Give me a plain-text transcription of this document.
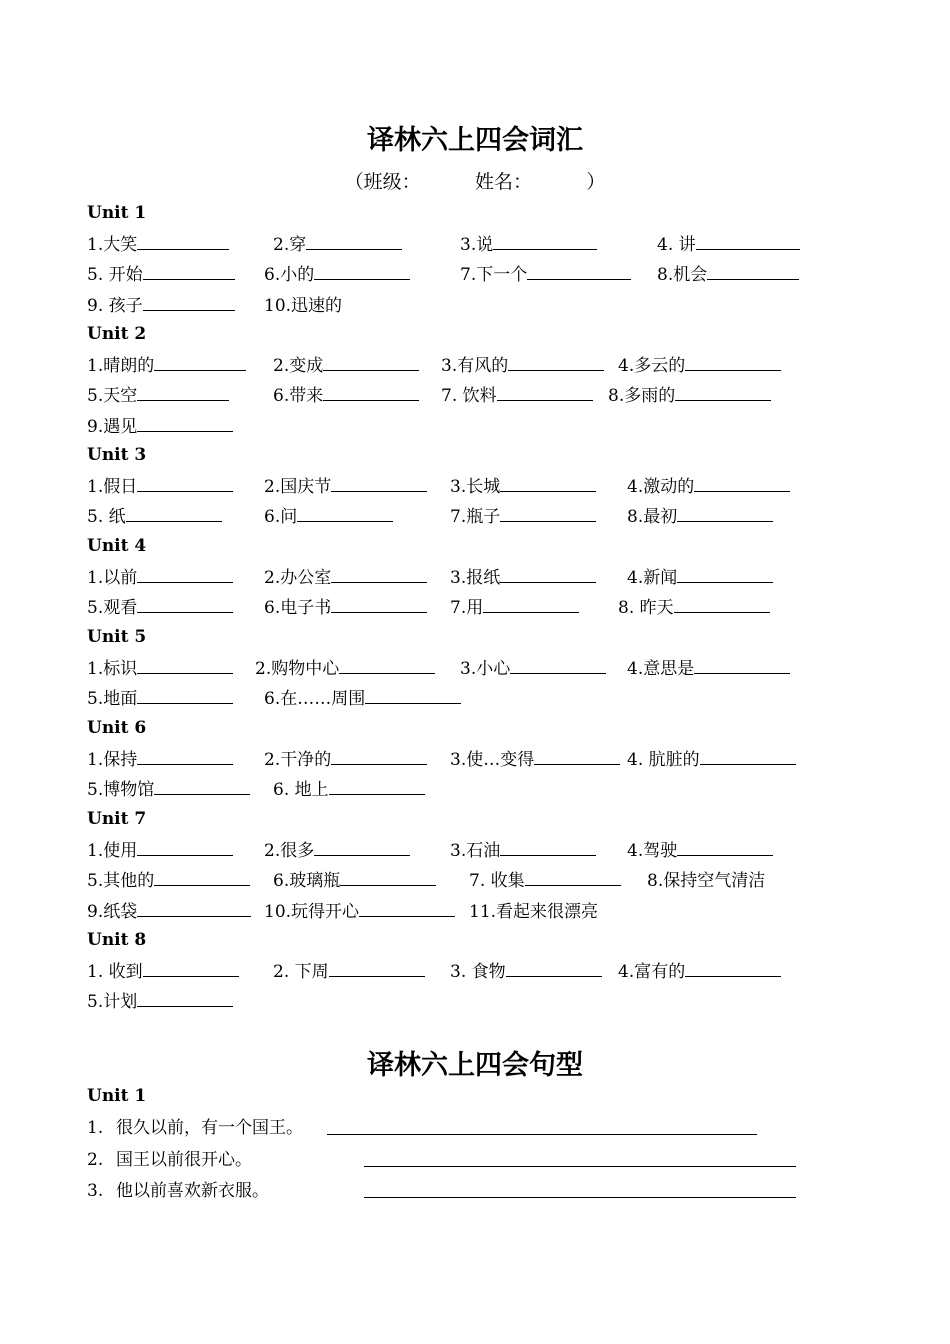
译林六上四会词汇
（班级：         姓名：         ）
Unit 1
1.大笑	2.穿	3.说	4. 讲
5. 开始	6.小的	7.下一个	8.机会
9. 孩子	10.迅速的
Unit 2
1.晴朗的	2.变成	3.有风的	4.多云的
5.天空	6.带来	7. 饮料	8.多雨的
9.遇见
Unit 3
1.假日	2.国庆节	3.长城	4.激动的
5. 纸	6.问	7.瓶子	8.最初
Unit 4
1.以前	2.办公室	3.报纸	4.新闻
5.观看	6.电子书	7.用	8. 昨天
Unit 5
1.标识	2.购物中心	3.小心	4.意思是
5.地面	6.在……周围
Unit 6
1.保持	2.干净的	3.使…变得	4. 肮脏的
5.博物馆	6. 地上
Unit 7
1.使用	2.很多	3.石油	4.驾驶
5.其他的	6.玻璃瓶	7. 收集	8.保持空气清洁
9.纸袋	10.玩得开心	11.看起来很漂亮
Unit 8
1. 收到	2. 下周	3. 食物	4.富有的
5.计划
译林六上四会句型
Unit 1
1. 很久以前，有一个国王。
2. 国王以前很开心。
3. 他以前喜欢新衣服。
